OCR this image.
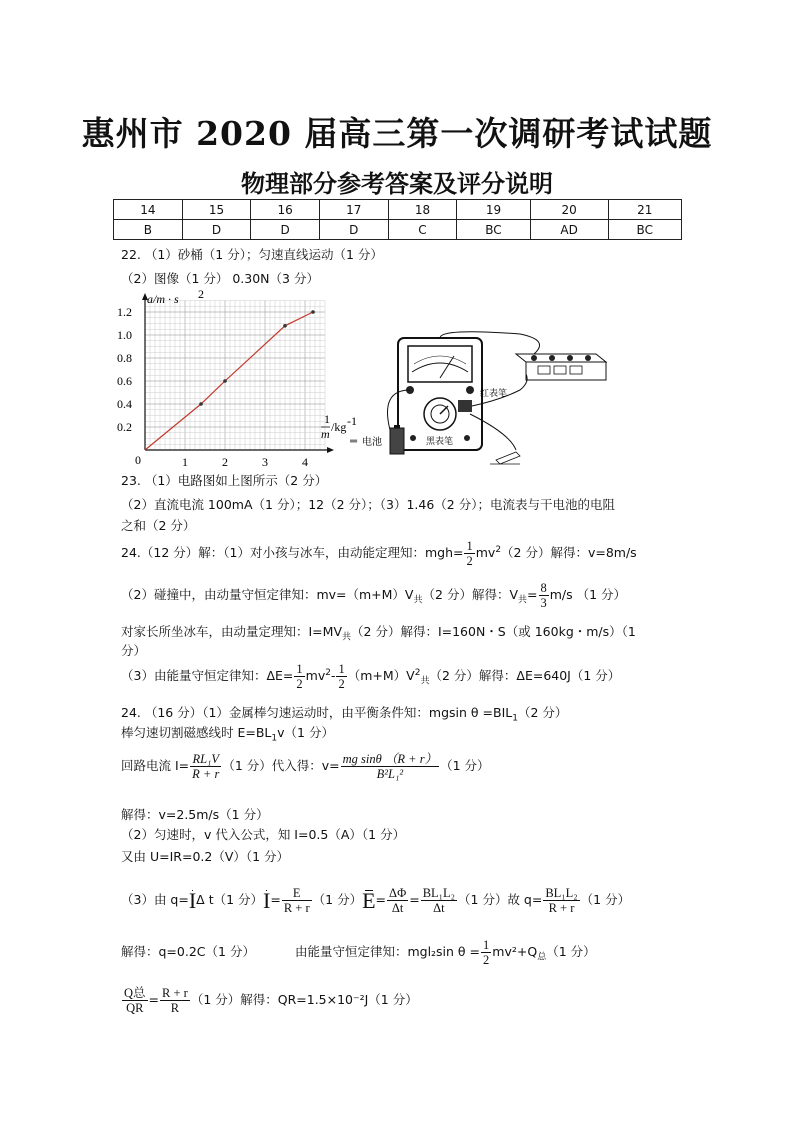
惠州市 2020 届高三第一次调研考试试题
物理部分参考答案及评分说明
14	15	16	17	18	19	20	21
B	D	D	D	C	BC	AD	BC
22. （1）砂桶（1 分）；匀速直线运动（1 分）
（2）图像（1 分） 0.30N（3 分）
a/m · s 2
1
m /kg -1
0
1.2
1.0
0.8
0.6
0.4
0.2
1	2	3	4
═ 电池
红表笔
黑表笔
23. （1）电路图如上图所示（2 分）
（2）直流电流 100mA（1 分）；12（2 分）；（3）1.46（2 分）；电流表与干电池的电阻
之和（2 分）
24.（12 分）解：（1）对小孩与冰车，由动能定理知：$mgh= \frac{1}{2} mv^2(2$ 分）解得：v=8m/s
（2）碰撞中，由动量守恒定律知：$mv=(m+M)V_共(2$ 分）解得：$V_共= \frac{8}{3} m/s$ （1 分）
对家长所坐冰车，由动量定理知：$I=MV_共(2$ 分）解得：I=160N・S（或 160kg・m/s）（1
分）
（3）由能量守恒定律知：$\Delta E= \frac{1}{2} mv^2- \frac{1}{2} (m+M)V^2_共(2$ 分）解得：ΔE=640J（1 分）
24. （16 分）（1）金属棒匀速运动时，由平衡条件知：mgsin $\theta =BIL_1(2$ 分）
棒匀速切割磁感线时 $E=BL_1v(1$ 分）
回路电流 $I= \frac{\text{RL₁V}}{R + r} (1$ 分）代入得：$v= \frac{\text{mg sinθ （R + r）}}{\text{B²L₁²}} (1$ 分）
解得：v=2.5m/s（1 分）
（2）匀速时，v 代入公式，知 I=0.5（A）（1 分）
又由 U=IR=0.2（V）（1 分）
（3）由 q=IΔ t（1 分）$I= \frac{E}{R + r} (1$ 分）$E= \frac{\Delta\Phi}{\Delta t} = \frac{\text{BL₁L₂}}{\Delta t} (1$ 分）故 $q= \frac{\text{BL₁L₂}}{R + r} (1$ 分）
解得：q=0.2C（1 分）	由能量守恒定律知：mgl₂sin $\theta = \frac{1}{2} mv^2+Q_总(1$ 分）
$\frac{\text{Q总}}{QR} = \frac{R + r}{R} (1$ 分）解得：QR=1.5×10⁻²J（1 分）
